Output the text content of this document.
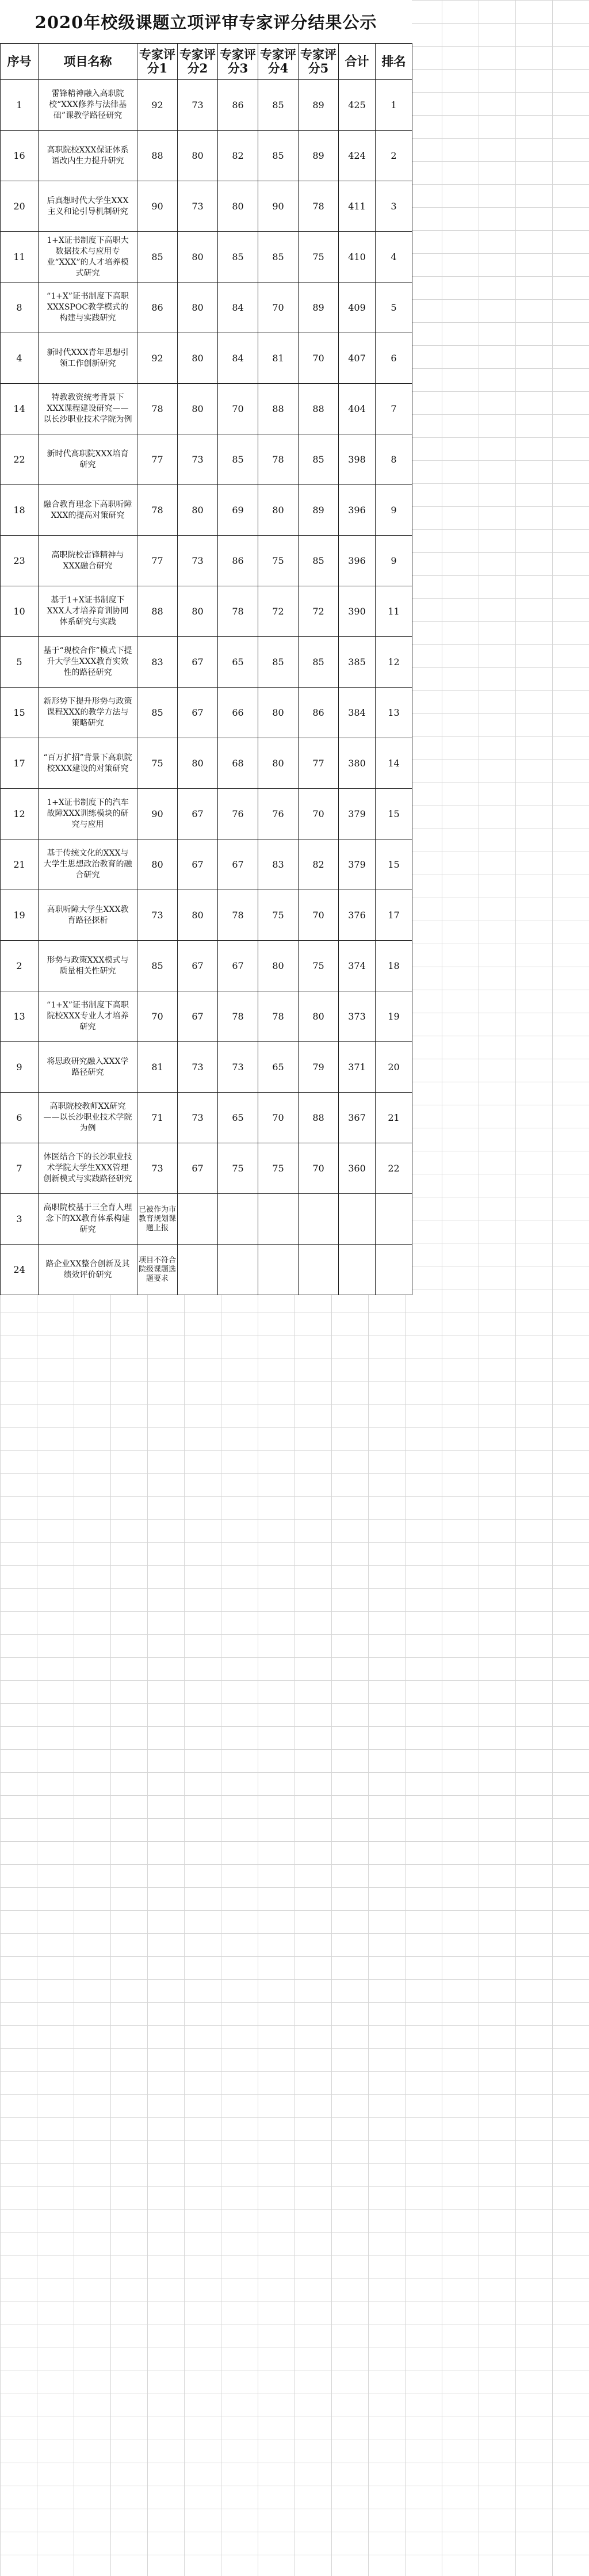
2020年校级课题立项评审专家评分结果公示
序号	项目名称	专家评分1	专家评分2	专家评分3	专家评分4	专家评分5	合计	排名
1	雷锋精神融入高职院校“XXX修养与法律基础”课教学路径研究	92	73	86	85	89	425	1
16	高职院校XXX保证体系语改内生力提升研究	88	80	82	85	89	424	2
20	后真想时代大学生XXX主义和论引导机制研究	90	73	80	90	78	411	3
11	1+X证书制度下高职大数据技术与应用专业“XXX”的人才培养模式研究	85	80	85	85	75	410	4
8	“1+X”证书制度下高职XXXSPOC教学模式的构建与实践研究	86	80	84	70	89	409	5
4	新时代XXX青年思想引领工作创新研究	92	80	84	81	70	407	6
14	特教教资统考背景下XXX课程建设研究——以长沙职业技术学院为例	78	80	70	88	88	404	7
22	新时代高职院XXX培育研究	77	73	85	78	85	398	8
18	融合教育理念下高职听障XXX的提高对策研究	78	80	69	80	89	396	9
23	高职院校雷锋精神与XXX融合研究	77	73	86	75	85	396	9
10	基于1+X证书制度下XXX人才培养育训协同体系研究与实践	88	80	78	72	72	390	11
5	基于“现校合作”模式下提升大学生XXX教育实效性的路径研究	83	67	65	85	85	385	12
15	新形势下提升形势与政策课程XXX的教学方法与策略研究	85	67	66	80	86	384	13
17	“百万扩招”背景下高职院校XXX建设的对策研究	75	80	68	80	77	380	14
12	1+X证书制度下的汽车故障XXX训练模块的研究与应用	90	67	76	76	70	379	15
21	基于传统文化的XXX与大学生思想政治教育的融合研究	80	67	67	83	82	379	15
19	高职听障大学生XXX教育路径探析	73	80	78	75	70	376	17
2	形势与政策XXX模式与质量相关性研究	85	67	67	80	75	374	18
13	“1+X”证书制度下高职院校XXX专业人才培养研究	70	67	78	78	80	373	19
9	将思政研究融入XXX学路径研究	81	73	73	65	79	371	20
6	高职院校教师XX研究——以长沙职业技术学院为例	71	73	65	70	88	367	21
7	体医结合下的长沙职业技术学院大学生XXX管理创新模式与实践路径研究	73	67	75	75	70	360	22
3	高职院校基于三全育人理念下的XX教育体系构建研究	已被作为市教育规划课题上报						
24	路企业XX整合创新及其绩效评价研究	项目不符合院级课题选题要求						
